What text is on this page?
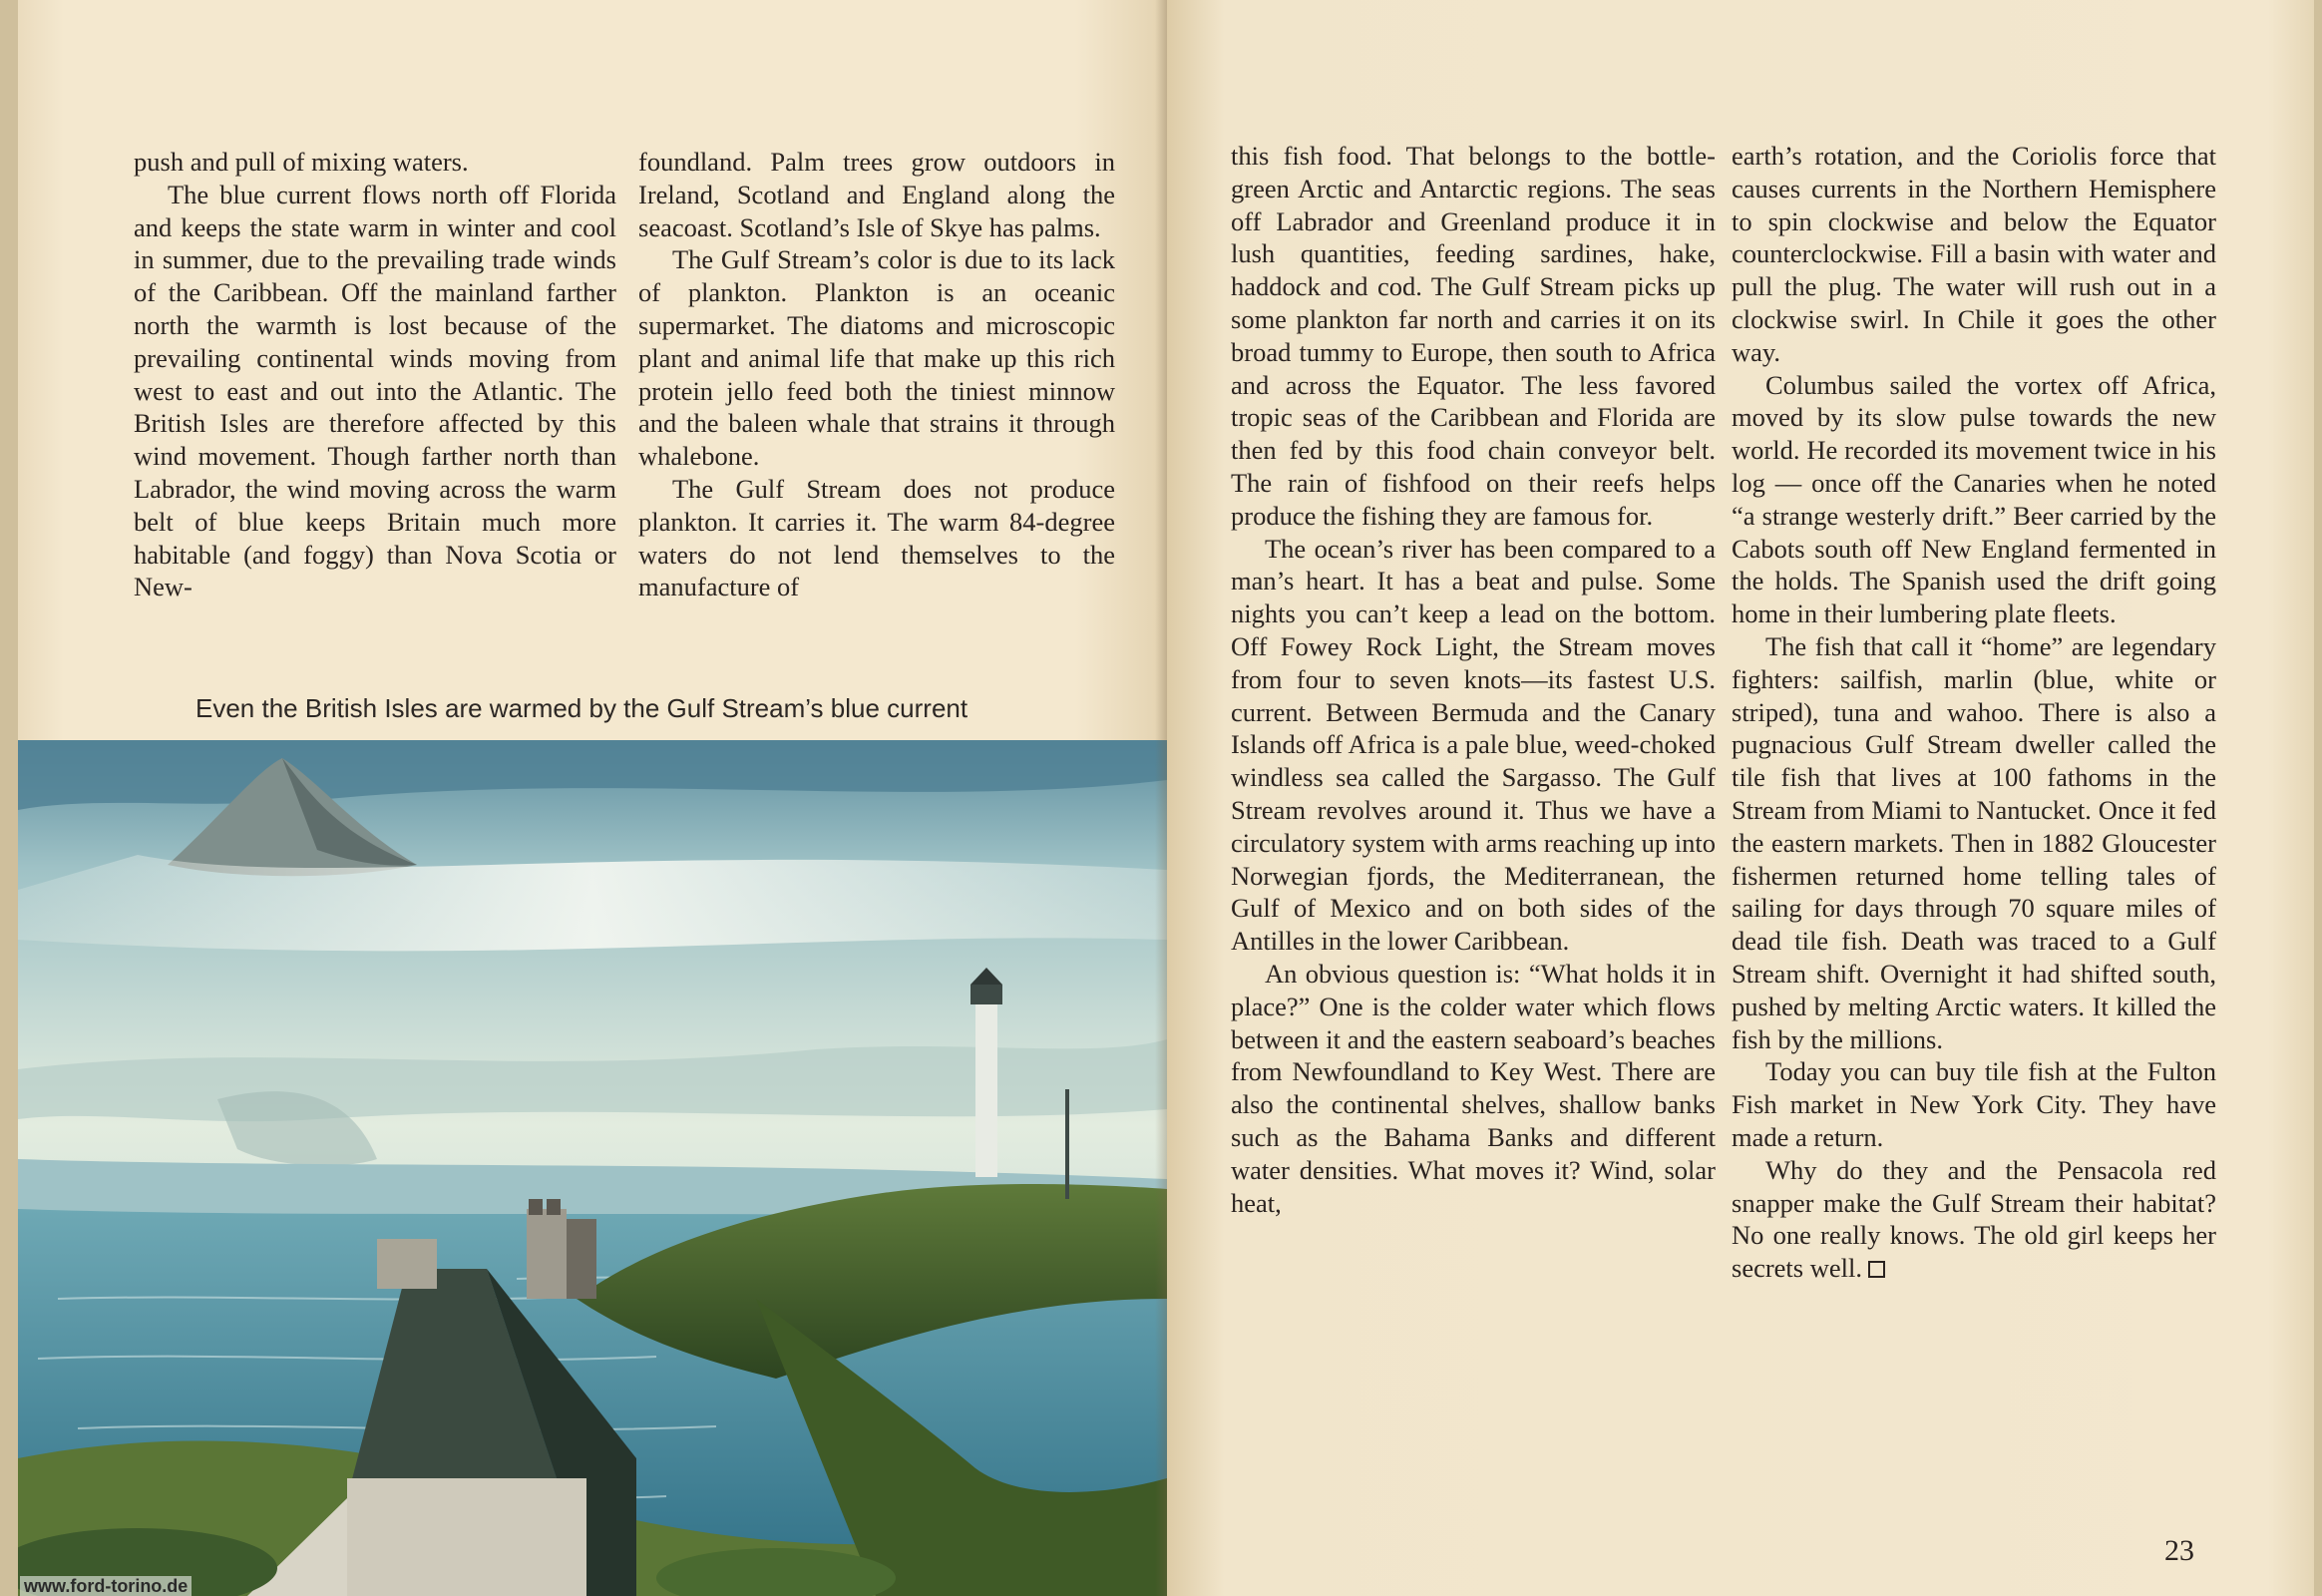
push and pull of mixing waters.

The blue current flows north off Florida and keeps the state warm in winter and cool in summer, due to the prevailing trade winds of the Caribbean. Off the mainland farther north the warmth is lost because of the prevailing continental winds moving from west to east and out into the Atlantic. The British Isles are therefore affected by this wind movement. Though farther north than Labrador, the wind moving across the warm belt of blue keeps Britain much more habitable (and foggy) than Nova Scotia or New-

foundland. Palm trees grow outdoors in Ireland, Scotland and England along the seacoast. Scotland’s Isle of Skye has palms.

The Gulf Stream’s color is due to its lack of plankton. Plankton is an oceanic supermarket. The diatoms and microscopic plant and animal life that make up this rich protein jello feed both the tiniest minnow and the baleen whale that strains it through whalebone.

The Gulf Stream does not produce plankton. It carries it. The warm 84-degree waters do not lend themselves to the manufacture of

Even the British Isles are warmed by the Gulf Stream’s blue current
www.ford-torino.de

this fish food. That belongs to the bottle-green Arctic and Antarctic regions. The seas off Labrador and Greenland produce it in lush quantities, feeding sardines, hake, haddock and cod. The Gulf Stream picks up some plankton far north and carries it on its broad tummy to Europe, then south to Africa and across the Equator. The less favored tropic seas of the Caribbean and Florida are then fed by this food chain conveyor belt. The rain of fishfood on their reefs helps produce the fishing they are famous for.

The ocean’s river has been compared to a man’s heart. It has a beat and pulse. Some nights you can’t keep a lead on the bottom. Off Fowey Rock Light, the Stream moves from four to seven knots—its fastest U.S. current. Between Bermuda and the Canary Islands off Africa is a pale blue, weed-choked windless sea called the Sargasso. The Gulf Stream revolves around it. Thus we have a circulatory system with arms reaching up into Norwegian fjords, the Mediterranean, the Gulf of Mexico and on both sides of the Antilles in the lower Caribbean.

An obvious question is: “What holds it in place?” One is the colder water which flows between it and the eastern seaboard’s beaches from Newfoundland to Key West. There are also the continental shelves, shallow banks such as the Bahama Banks and different water densities. What moves it? Wind, solar heat,

earth’s rotation, and the Coriolis force that causes currents in the Northern Hemisphere to spin clockwise and below the Equator counterclockwise. Fill a basin with water and pull the plug. The water will rush out in a clockwise swirl. In Chile it goes the other way.

Columbus sailed the vortex off Africa, moved by its slow pulse towards the new world. He recorded its movement twice in his log — once off the Canaries when he noted “a strange westerly drift.” Beer carried by the Cabots south off New England fermented in the holds. The Spanish used the drift going home in their lumbering plate fleets.

The fish that call it “home” are legendary fighters: sailfish, marlin (blue, white or striped), tuna and wahoo. There is also a pugnacious Gulf Stream dweller called the tile fish that lives at 100 fathoms in the Stream from Miami to Nantucket. Once it fed the eastern markets. Then in 1882 Gloucester fishermen returned home telling tales of sailing for days through 70 square miles of dead tile fish. Death was traced to a Gulf Stream shift. Overnight it had shifted south, pushed by melting Arctic waters. It killed the fish by the millions.

Today you can buy tile fish at the Fulton Fish market in New York City. They have made a return.

Why do they and the Pensacola red snapper make the Gulf Stream their habitat? No one really knows. The old girl keeps her secrets well.

23
